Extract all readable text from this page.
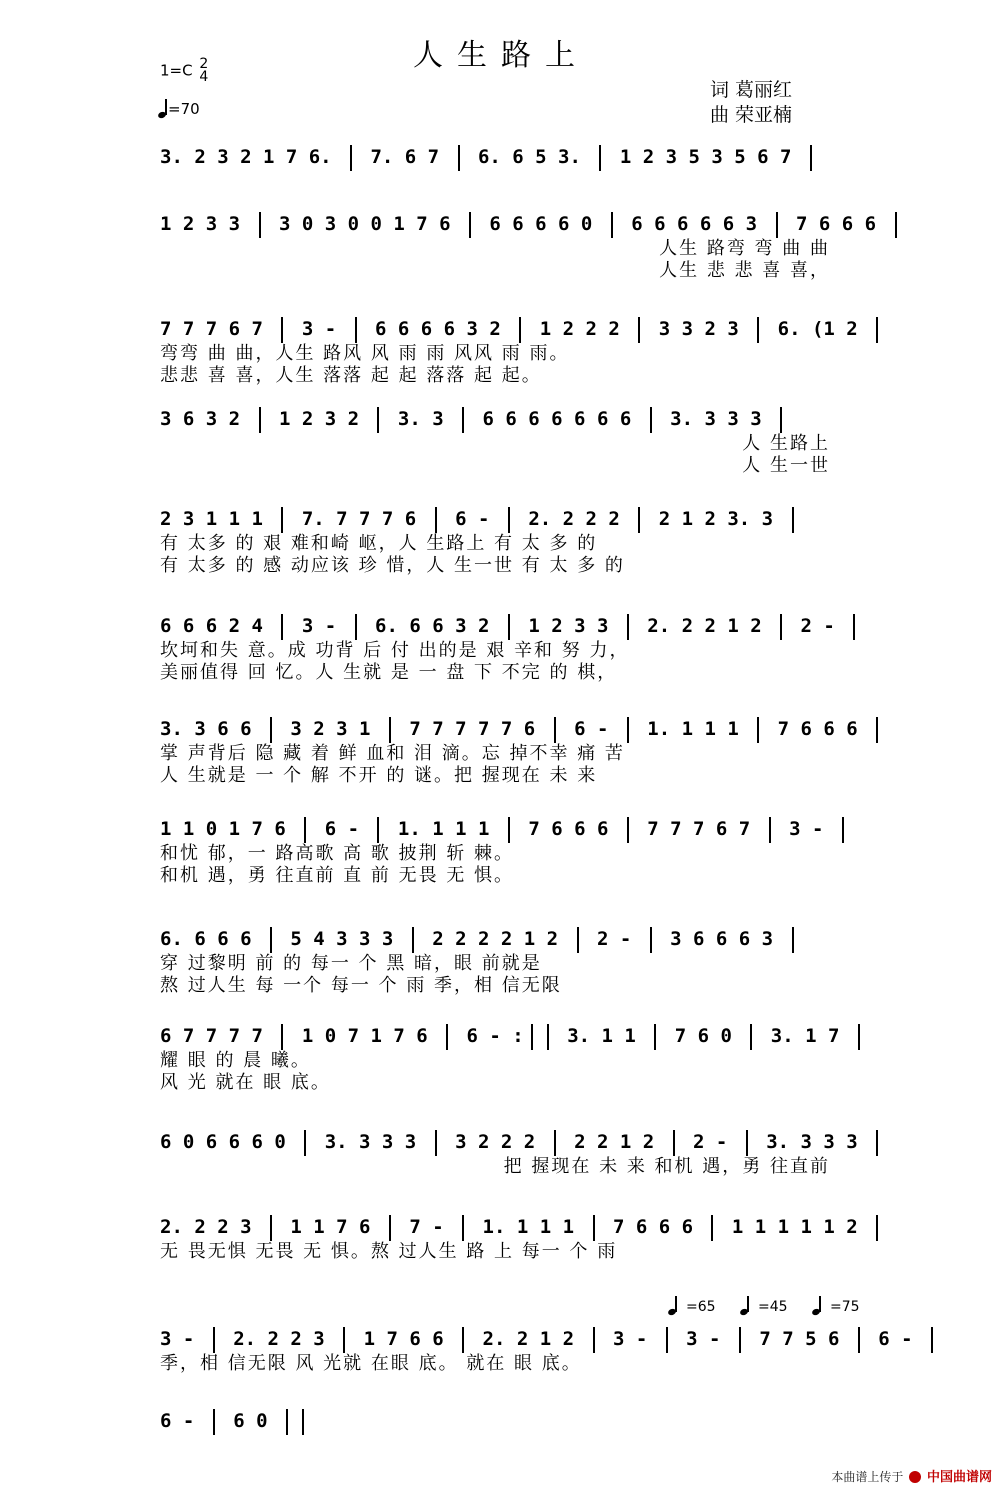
人生路上
1=C 2
4
=70
词 葛丽红
曲 荣亚楠
3. 2 3 2 1 7 6.  7. 6 7  6. 6 5 3.  1 2 3 5 3 5 6 7
1 2 3 3  3 0 3 0 0 1 7 6  6 6 6 6 0  6 6 6 6 6 3  7 6 6 6
人生 路弯 弯 曲 曲
人生 悲 悲 喜 喜，
7 7 7 6 7  3 -  6 6 6 6 3 2  1 2 2 2  3 3 2 3  6. (1 2
弯弯 曲 曲，人生 路风 风 雨 雨 风风 雨 雨。
悲悲 喜 喜，人生 落落 起 起 落落 起 起。
3 6 3 2  1 2 3 2  3. 3  6 6 6 6 6 6 6  3. 3 3 3
人 生路上
人 生一世
2 3 1 1 1  7. 7 7 7 6  6 -  2. 2 2 2  2 1 2 3. 3
有 太多 的 艰 难和崎 岖，人 生路上 有 太 多 的
有 太多 的 感 动应该 珍 惜，人 生一世 有 太 多 的
6 6 6 2 4  3 -  6. 6 6 3 2  1 2 3 3  2. 2 2 1 2  2 -
坎坷和失 意。成 功背 后 付 出的是 艰 辛和 努 力，
美丽值得 回 忆。人 生就 是 一 盘 下 不完 的 棋，
3. 3 6 6  3 2 3 1  7 7 7 7 7 6  6 -  1. 1 1 1  7 6 6 6
掌 声背后 隐 藏 着 鲜 血和 泪 滴。忘 掉不幸 痛 苦
人 生就是 一 个 解 不开 的 谜。把 握现在 未 来
1 1 0 1 7 6  6 -  1. 1 1 1  7 6 6 6  7 7 7 6 7  3 -
和忧 郁，一 路高歌 高 歌 披荆 斩 棘。
和机 遇，勇 往直前 直 前 无畏 无 惧。
6. 6 6 6  5 4 3 3 3  2 2 2 2 1 2  2 -  3 6 6 6 3
穿 过黎明 前 的 每一 个 黑 暗，眼 前就是
熬 过人生 每 一个 每一 个 雨 季，相 信无限
6 7 7 7 7  1 0 7 1 7 6  6 - : 3. 1 1  7 6 0  3. 1 7
耀 眼 的 晨 曦。
风 光 就在 眼 底。
6 0 6 6 6 0  3. 3 3 3  3 2 2 2  2 2 1 2  2 -  3. 3 3 3
把 握现在 未 来 和机 遇，勇 往直前
2. 2 2 3  1 1 7 6  7 -  1. 1 1 1  7 6 6 6  1 1 1 1 1 2
无 畏无惧 无畏 无 惧。熬 过人生 路 上 每一 个 雨
3 -  2. 2 2 3  1 7 6 6  2. 2 1 2  3 -  3 -  7 7 5 6  6 -
季，相 信无限 风 光就 在眼 底。 就在 眼 底。
6 -  6 0
=65	=45	=75
本曲谱上传于 中国曲谱网
